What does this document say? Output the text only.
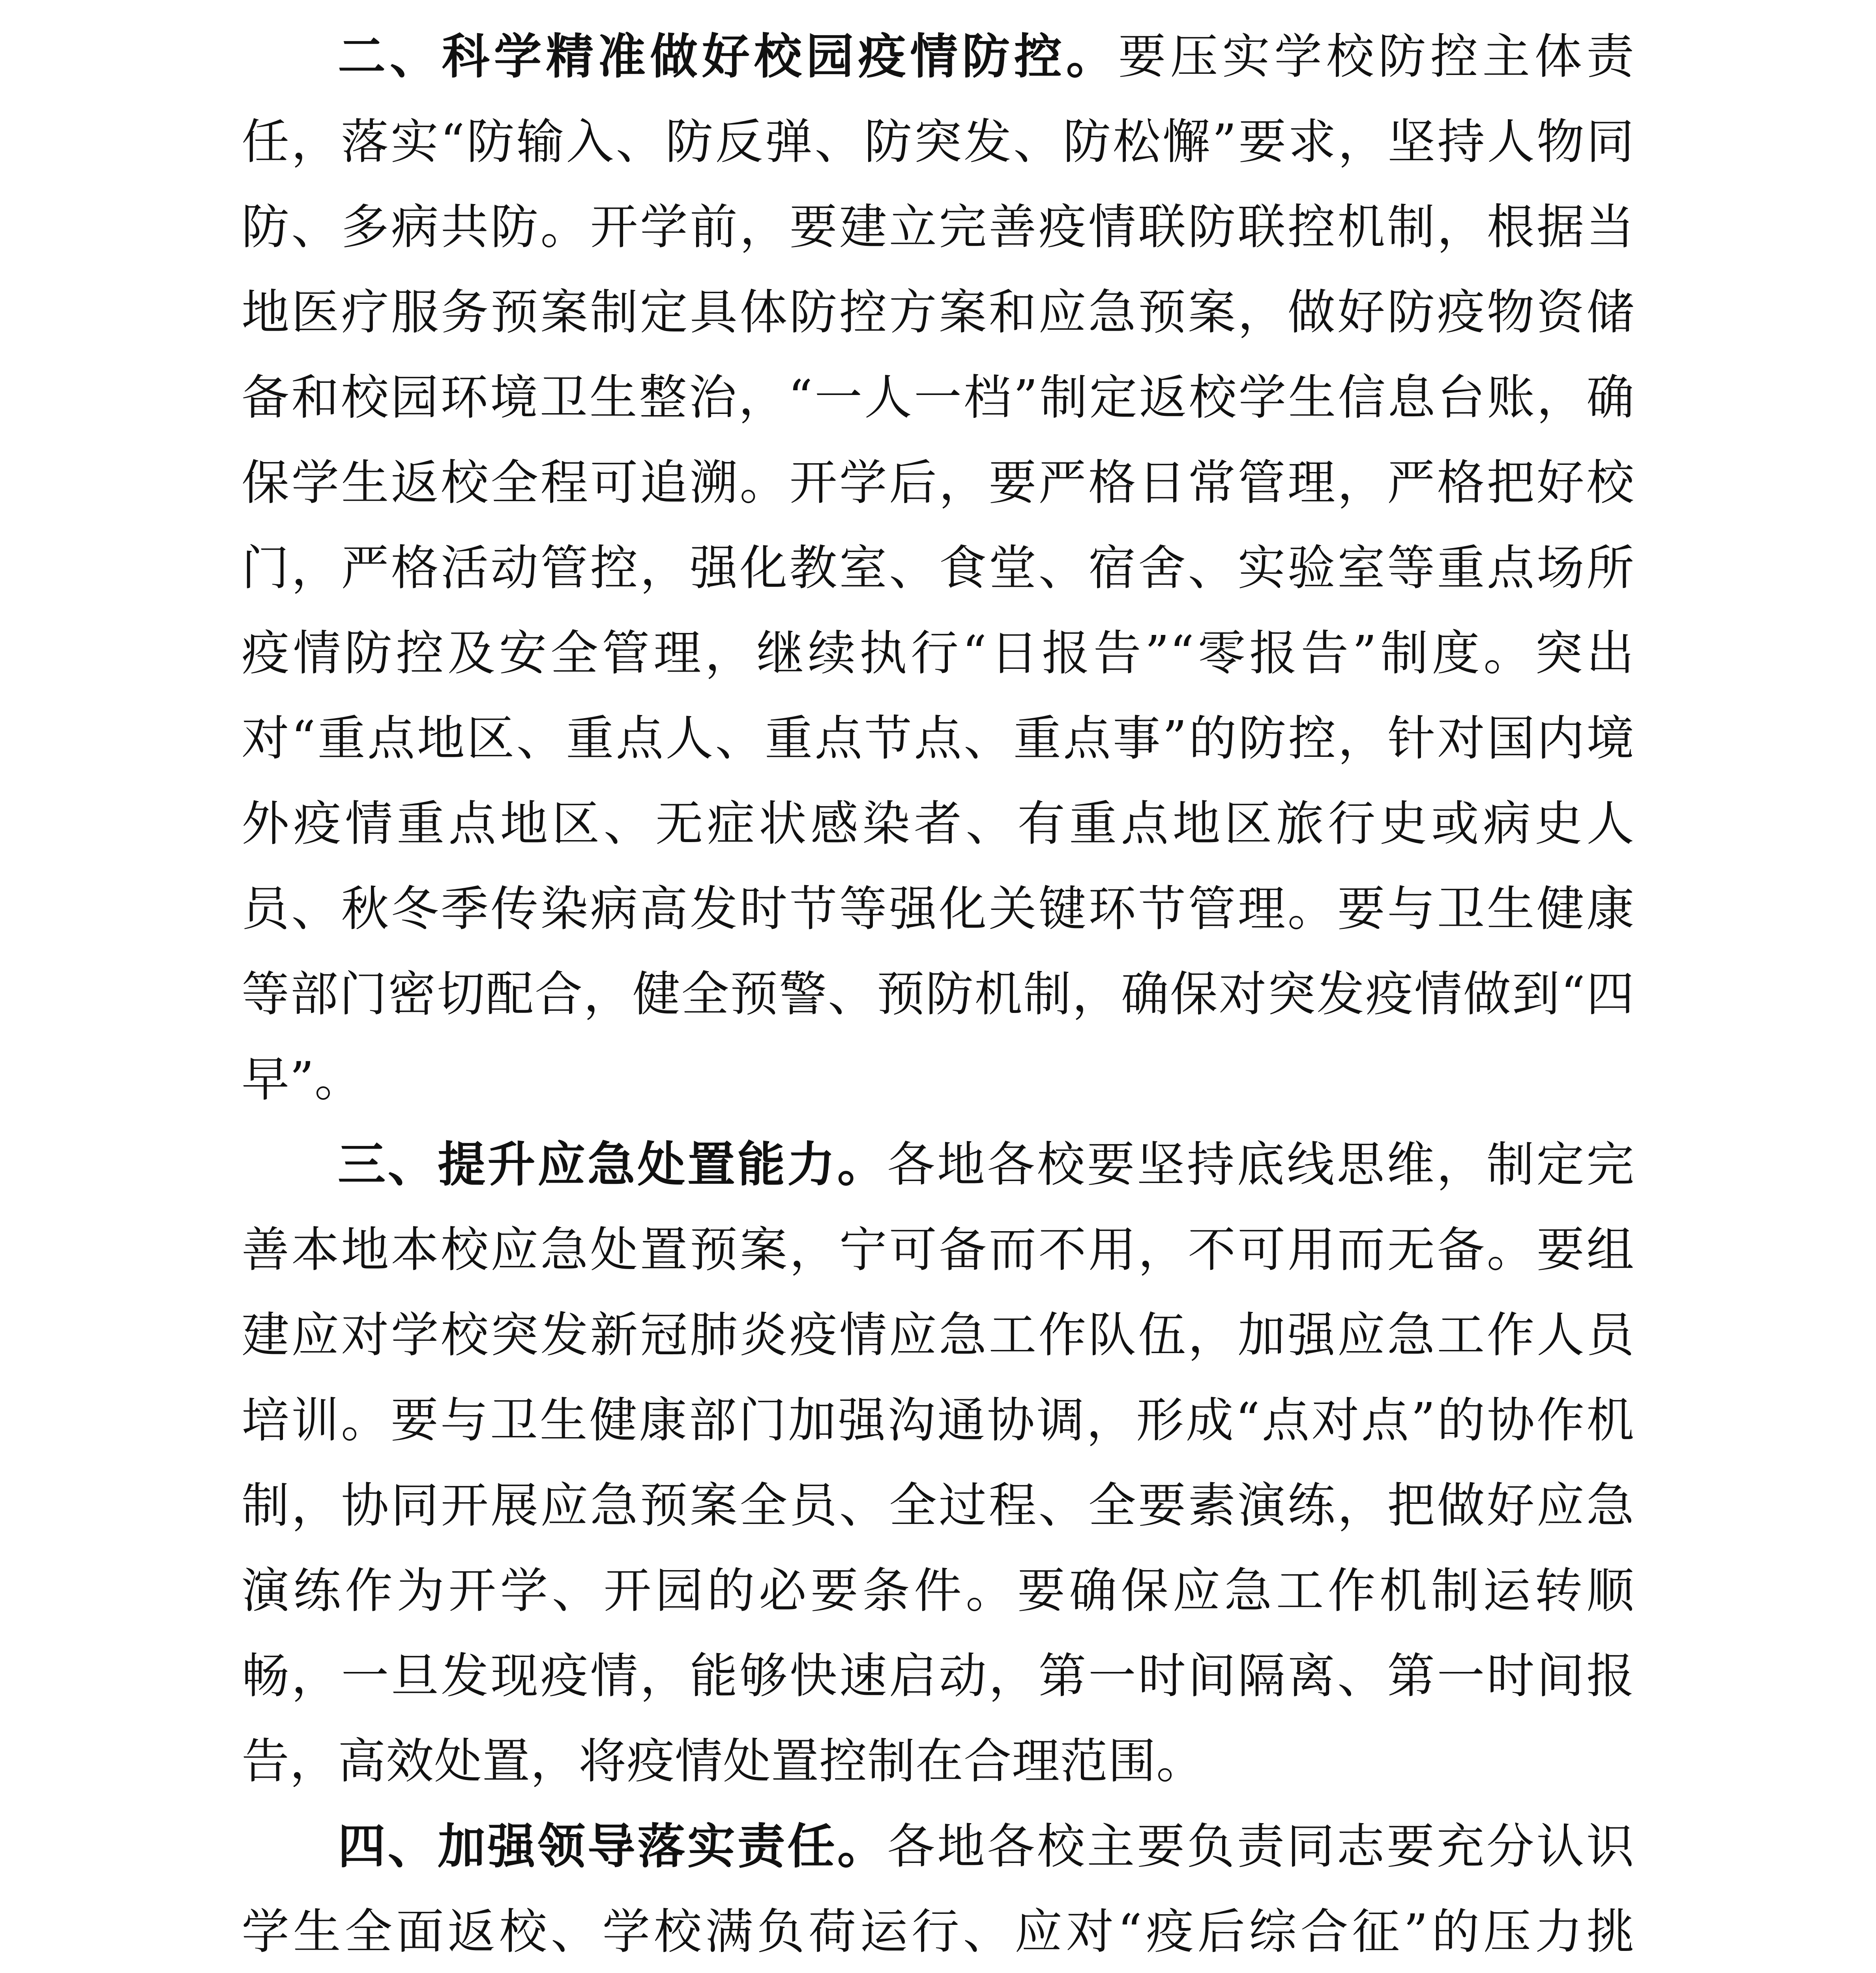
二、科学精准做好校园疫情防控。要压实学校防控主体责任，落实“防输入、防反弹、防突发、防松懈”要求，坚持人物同防、多病共防。开学前，要建立完善疫情联防联控机制，根据当地医疗服务预案制定具体防控方案和应急预案，做好防疫物资储备和校园环境卫生整治，“一人一档”制定返校学生信息台账，确保学生返校全程可追溯。开学后，要严格日常管理，严格把好校门，严格活动管控，强化教室、食堂、宿舍、实验室等重点场所疫情防控及安全管理，继续执行“日报告”“零报告”制度。突出对“重点地区、重点人、重点节点、重点事”的防控，针对国内境外疫情重点地区、无症状感染者、有重点地区旅行史或病史人员、秋冬季传染病高发时节等强化关键环节管理。要与卫生健康等部门密切配合，健全预警、预防机制，确保对突发疫情做到“四早”。

三、提升应急处置能力。各地各校要坚持底线思维，制定完善本地本校应急处置预案，宁可备而不用，不可用而无备。要组建应对学校突发新冠肺炎疫情应急工作队伍，加强应急工作人员培训。要与卫生健康部门加强沟通协调，形成“点对点”的协作机制，协同开展应急预案全员、全过程、全要素演练，把做好应急演练作为开学、开园的必要条件。要确保应急工作机制运转顺畅，一旦发现疫情，能够快速启动，第一时间隔离、第一时间报告，高效处置，将疫情处置控制在合理范围。

四、加强领导落实责任。各地各校主要负责同志要充分认识学生全面返校、学校满负荷运行、应对“疫后综合征”的压力挑
